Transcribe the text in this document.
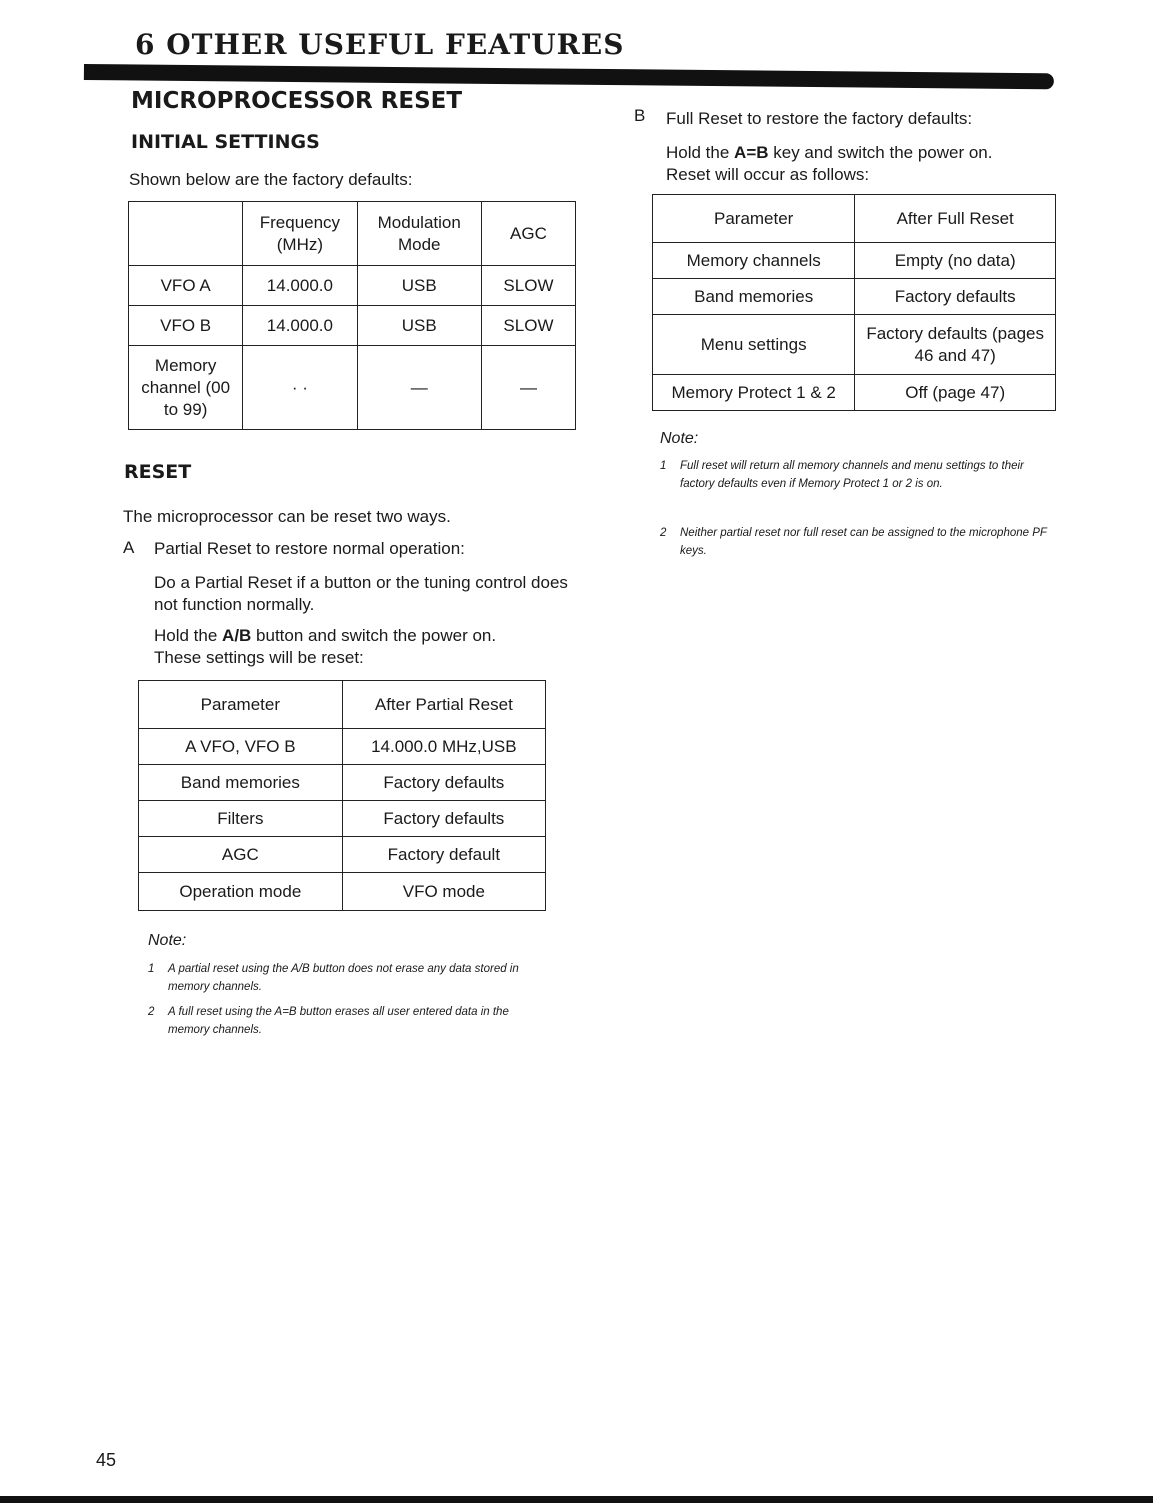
6 OTHER USEFUL FEATURES
MICROPROCESSOR RESET
INITIAL SETTINGS
Shown below are the factory defaults:
	Frequency (MHz)	Modulation Mode	AGC
VFO A	14.000.0	USB	SLOW
VFO B	14.000.0	USB	SLOW
Memory channel (00 to 99)	· ·	—	—
RESET
The microprocessor can be reset two ways.
A Partial Reset to restore normal operation:
Do a Partial Reset if a button or the tuning control does not function normally.
Hold the A/B button and switch the power on.
These settings will be reset:
Parameter	After Partial Reset
A VFO, VFO B	14.000.0 MHz,USB
Band memories	Factory defaults
Filters	Factory defaults
AGC	Factory default
Operation mode	VFO mode
Note:
1 A partial reset using the A/B button does not erase any data stored in memory channels.
2 A full reset using the A=B button erases all user entered data in the memory channels.
B Full Reset to restore the factory defaults:
Hold the A=B key and switch the power on.
Reset will occur as follows:
Parameter	After Full Reset
Memory channels	Empty (no data)
Band memories	Factory defaults
Menu settings	Factory defaults (pages 46 and 47)
Memory Protect 1 & 2	Off (page 47)
Note:
1 Full reset will return all memory channels and menu settings to their factory defaults even if Memory Protect 1 or 2 is on.
2 Neither partial reset nor full reset can be assigned to the microphone PF keys.
45
